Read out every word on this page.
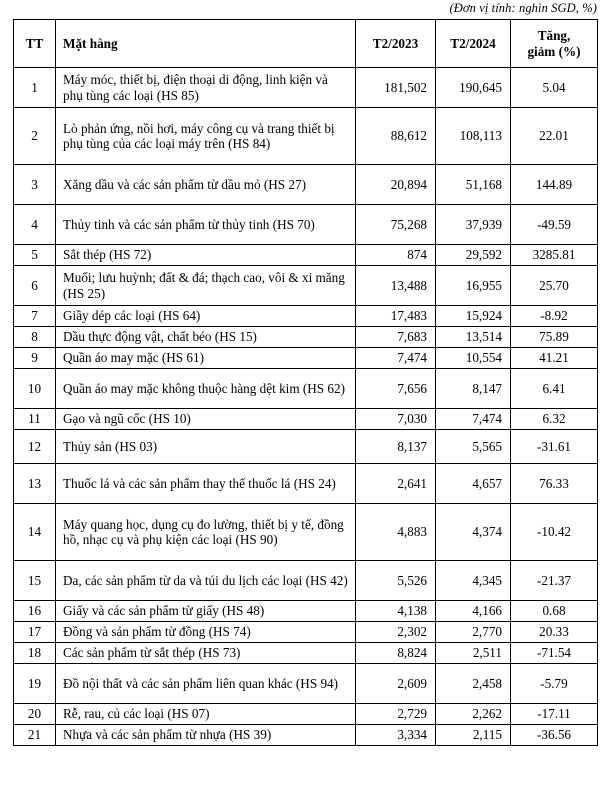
(Đơn vị tính: nghìn SGD, %)
TT	Mặt hàng	T2/2023	T2/2024	Tăng,
giảm (%)
1	Máy móc, thiết bị, điện thoại di động, linh kiện và phụ tùng các loại (HS 85)	181,502	190,645	5.04
2	Lò phản ứng, nồi hơi, máy công cụ và trang thiết bị phụ tùng của các loại máy trên (HS 84)	88,612	108,113	22.01
3	Xăng dầu và các sản phẩm từ dầu mỏ (HS 27)	20,894	51,168	144.89
4	Thủy tinh và các sản phẩm từ thủy tinh (HS 70)	75,268	37,939	-49.59
5	Sắt thép (HS 72)	874	29,592	3285.81
6	Muối; lưu huỳnh; đất & đá; thạch cao, vôi & xi măng (HS 25)	13,488	16,955	25.70
7	Giầy dép các loại (HS 64)	17,483	15,924	-8.92
8	Dầu thực động vật, chất béo (HS 15)	7,683	13,514	75.89
9	Quần áo may mặc (HS 61)	7,474	10,554	41.21
10	Quần áo may mặc không thuộc hàng dệt kim (HS 62)	7,656	8,147	6.41
11	Gạo và ngũ cốc (HS 10)	7,030	7,474	6.32
12	Thủy sản (HS 03)	8,137	5,565	-31.61
13	Thuốc lá và các sản phẩm thay thế thuốc lá (HS 24)	2,641	4,657	76.33
14	Máy quang học, dụng cụ đo lường, thiết bị y tế, đồng hồ, nhạc cụ và phụ kiện các loại (HS 90)	4,883	4,374	-10.42
15	Da, các sản phẩm từ da và túi du lịch các loại (HS 42)	5,526	4,345	-21.37
16	Giấy và các sản phẩm từ giấy (HS 48)	4,138	4,166	0.68
17	Đồng và sản phẩm từ đồng (HS 74)	2,302	2,770	20.33
18	Các sản phẩm từ sắt thép (HS 73)	8,824	2,511	-71.54
19	Đồ nội thất và các sản phẩm liên quan khác (HS 94)	2,609	2,458	-5.79
20	Rễ, rau, củ các loại (HS 07)	2,729	2,262	-17.11
21	Nhựa và các sản phẩm từ nhựa (HS 39)	3,334	2,115	-36.56
